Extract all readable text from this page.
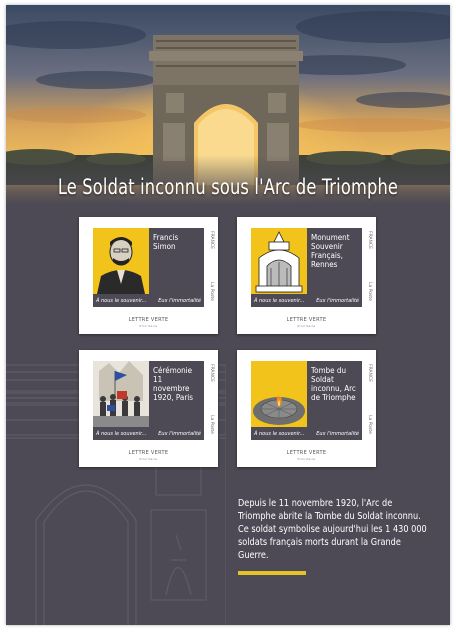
Le Soldat inconnu sous l'Arc de Triomphe
Francis Simon
À nous le souvenir... Eux l'immortalité
FRANCE
La Poste
LETTRE VERTE
Prioritaire
Monument Souvenir Français, Rennes
À nous le souvenir... Eux l'immortalité
FRANCE
La Poste
LETTRE VERTE
Prioritaire
Cérémonie 11 novembre 1920, Paris
À nous le souvenir... Eux l'immortalité
FRANCE
La Poste
LETTRE VERTE
Prioritaire
Tombe du Soldat inconnu, Arc de Triomphe
À nous le souvenir... Eux l'immortalité
FRANCE
La Poste
LETTRE VERTE
Prioritaire
Depuis le 11 novembre 1920, l'Arc de Triomphe abrite la Tombe du Soldat inconnu. Ce soldat symbolise aujourd'hui les 1 430 000 soldats français morts durant la Grande Guerre.
